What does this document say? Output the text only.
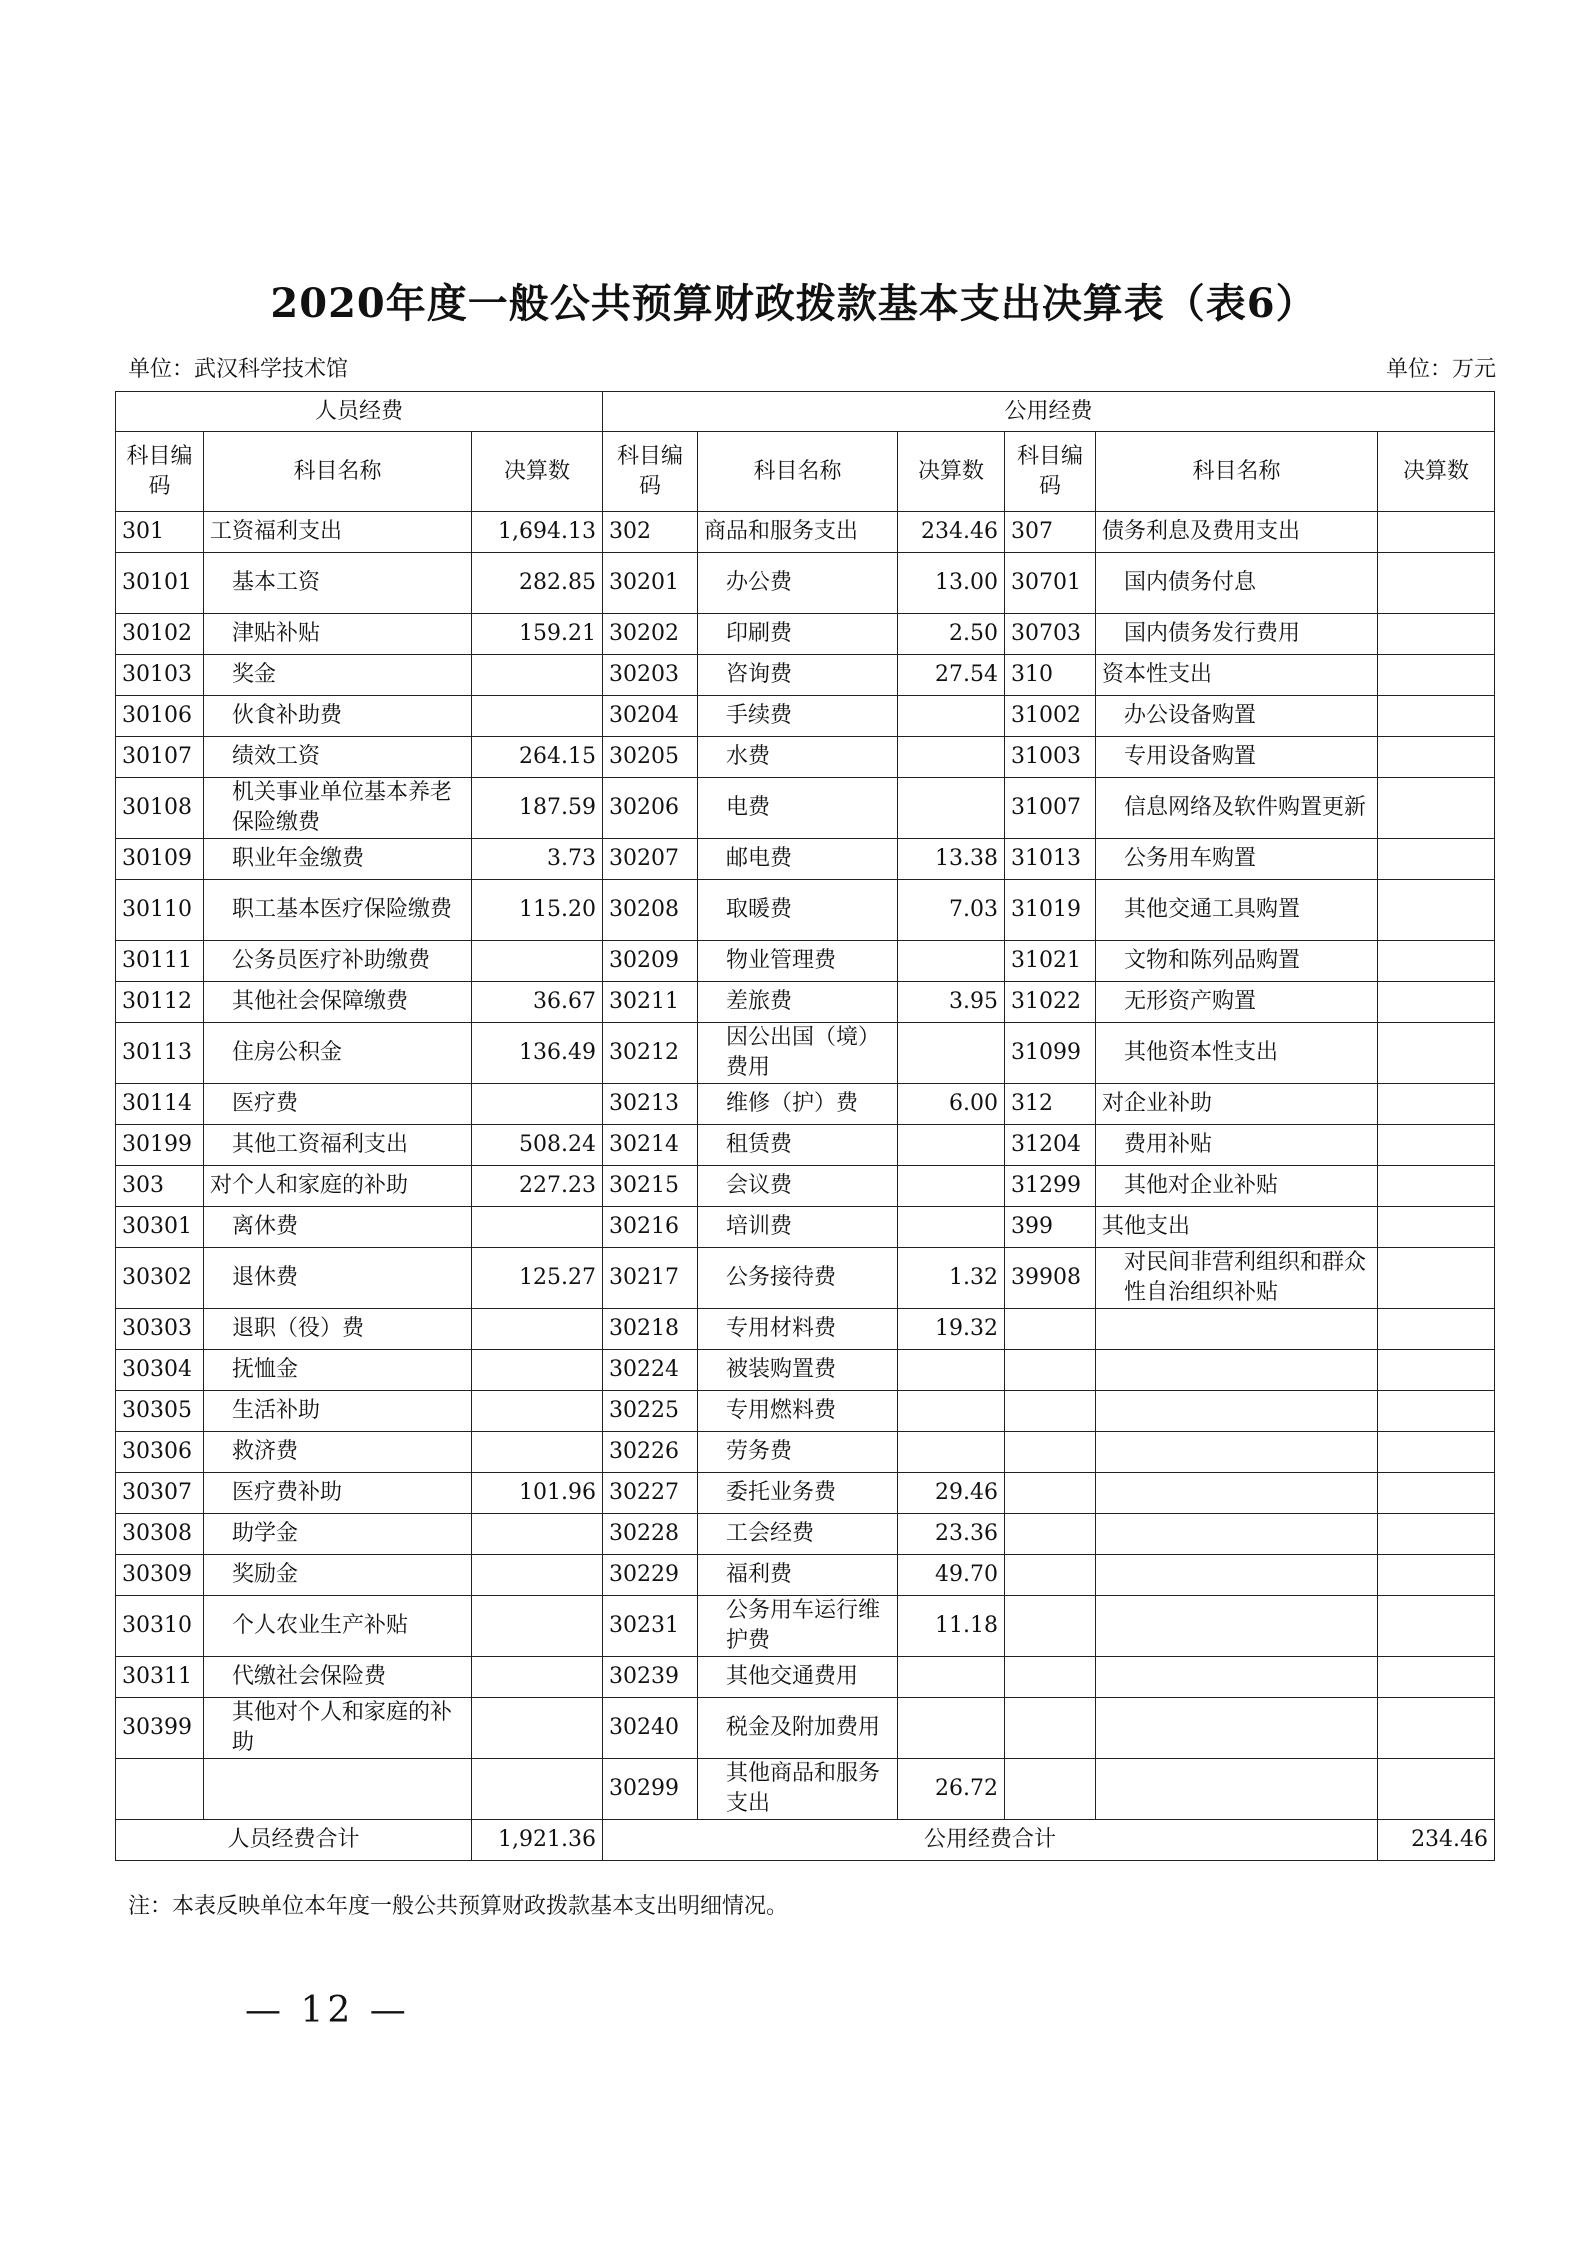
2020年度一般公共预算财政拨款基本支出决算表（表6）
单位：武汉科学技术馆	单位：万元
人员经费			公用经费					

科目编码	科目名称	决算数	科目编码	科目名称	决算数	科目编码	科目名称	决算数
301	工资福利支出	1,694.13	302	商品和服务支出	234.46	307	债务利息及费用支出	

30101	基本工资	282.85	30201	办公费	13.00	30701	国内债务付息	

30102	津贴补贴	159.21	30202	印刷费	2.50	30703	国内债务发行费用	

30103	奖金		30203	咨询费	27.54	310	资本性支出	

30106	伙食补助费		30204	手续费		31002	办公设备购置	

30107	绩效工资	264.15	30205	水费		31003	专用设备购置	

30108	机关事业单位基本养老保险缴费	187.59	30206	电费		31007	信息网络及软件购置更新	

30109	职业年金缴费	3.73	30207	邮电费	13.38	31013	公务用车购置	

30110	职工基本医疗保险缴费	115.20	30208	取暖费	7.03	31019	其他交通工具购置	

30111	公务员医疗补助缴费		30209	物业管理费		31021	文物和陈列品购置	

30112	其他社会保障缴费	36.67	30211	差旅费	3.95	31022	无形资产购置	

30113	住房公积金	136.49	30212	因公出国（境）费用		31099	其他资本性支出	

30114	医疗费		30213	维修（护）费	6.00	312	对企业补助	

30199	其他工资福利支出	508.24	30214	租赁费		31204	费用补贴	

303	对个人和家庭的补助	227.23	30215	会议费		31299	其他对企业补贴	

30301	离休费		30216	培训费		399	其他支出	

30302	退休费	125.27	30217	公务接待费	1.32	39908	对民间非营利组织和群众性自治组织补贴	

30303	退职（役）费		30218	专用材料费	19.32		

30304	抚恤金		30224	被装购置费				

30305	生活补助		30225	专用燃料费				

30306	救济费		30226	劳务费				

30307	医疗费补助	101.96	30227	委托业务费	29.46		

30308	助学金		30228	工会经费	23.36		

30309	奖励金		30229	福利费	49.70		

30310	个人农业生产补贴		30231	公务用车运行维护费	11.18		

30311	代缴社会保险费		30239	其他交通费用				

30399	其他对个人和家庭的补助		30240	税金及附加费用				

		30299	其他商品和服务支出	26.72		

人员经费合计		1,921.36	公用经费合计					234.46
注：本表反映单位本年度一般公共预算财政拨款基本支出明细情况。
— 12 —
